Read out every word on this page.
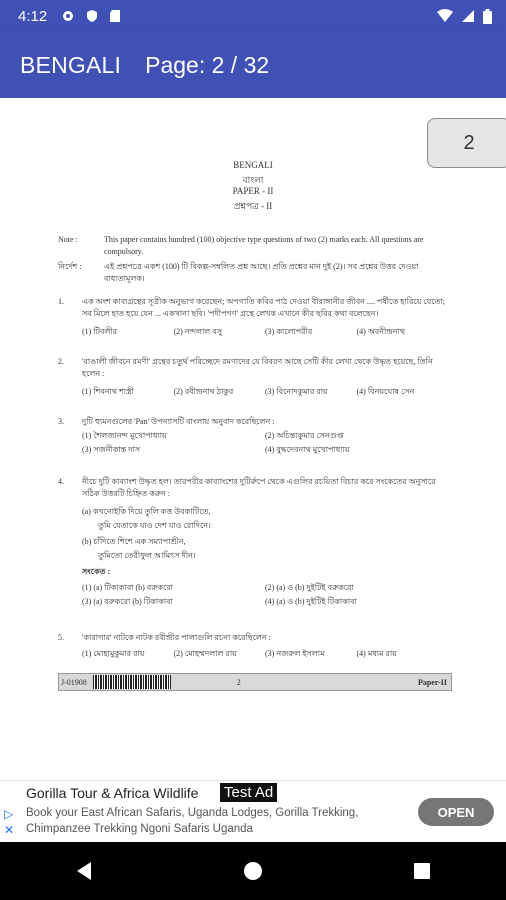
4:12
BENGALI Page: 2 / 32
BENGALI
বাংলা
PAPER - II
প্রশ্নপত্র - II
Note :	This paper contains hundred (100) objective type questions of two (2) marks each. All questions are compulsory.
নির্দেশ :	এই প্রশ্নপত্রে একশ (100) টি বিকল্প-সম্বলিত প্রশ্ন আছে। প্রতি প্রশ্নের মান দুই (2)। সব প্রশ্নের উত্তর দেওয়া বাধ্যতামূলক।
1. এক অংশ কাব্যগ্রন্থের সূত্রীক অনুভাগ করেছেন; অপগাতি কবির পাঠ দেওয়া বীরাঙ্গানীর জীবন .... পর্ষীতে হারিয়ে যেতো; সব মিলে হাত হয়ে যেন ... একখানা ছবি। 'পদীপগণ' গ্রন্থে লেখক এখানে কীর ছবির কথা বলেছেন।
(1) টিবলীর	(2) নন্দলাল বসু	(3) কালোপরীর	(4) অবনীন্দ্রনাথ
2. 'বাঙালী জীবনে রমণী' গ্রন্থের চতুর্থ পরিচ্ছেদে রমণাদের যে বিবরণ আছে সেটি কীর লেখা থেকে উদ্ধৃত হয়েছে, তিনি হলেন :
(1) শিবনাথ শাস্ত্রী	(2) রবীন্দ্রনাথ ঠাকুর	(3) বিনোদকুমার রায়	(4) বিনয়ঘোষ সেন
3. দুটি হ্যুমনগুলের 'Pan' উপন্যাসটি বাংলায় অনুবাদ করেছিলেন :
(1) শৈলজানন্দ মুখোপাধ্যায়	(2) অচিন্ত্যকুমার সেনগুপ্ত
(3) সজনীকান্ত দাস	(4) বুদ্ধদেবনাথ মুখোপাধ্যায়
4. নীচে দুটি কাব্যাংশ উদ্ধৃত হল। তারপরীর কাব্যাংশের দুটির্রুপে থেকে এগুলির রচয়িতা বিচার করে সংকেতের অনুসারে সঠিক উত্তরটি চিহ্নিত করুন :
(a) কখনোইকি দিয়ে তুলি কত্ত উবকাটিতে,
তুমি যেতাকে যাও দেশ যাও রোদিনে।
(b) চাঁদিতে শিশে এক সম্যাপাশ্রীন,
তুমিতো তেরীফুল আমিৎস দীন।
সংকেত :
(1) (a) টিকাকাবা (b) বরুকরো	(2) (a) ও (b) দুইটিই বরুকরো
(3) (a) বরুকরো (b) টিকাকাবা	(4) (a) ও (b) দুইটিই টিকাকাবা
5. 'কারাগার' নাটকে নাটক রবীন্দ্রীর পালাগুলি রচনা করেছিলেন :
(1) মোহামুকুমার রায়	(2) মোহম্মদলাল রায়	(3) নজরুল ইসলাম	(4) মধ্যম রায়
J-01908	2	Paper-II
2
▷
✕
Gorilla Tour & Africa Wildlife Test Ad
Book your East African Safaris, Uganda Lodges, Gorilla Trekking, Chimpanzee Trekking Ngoni Safaris Uganda
OPEN
